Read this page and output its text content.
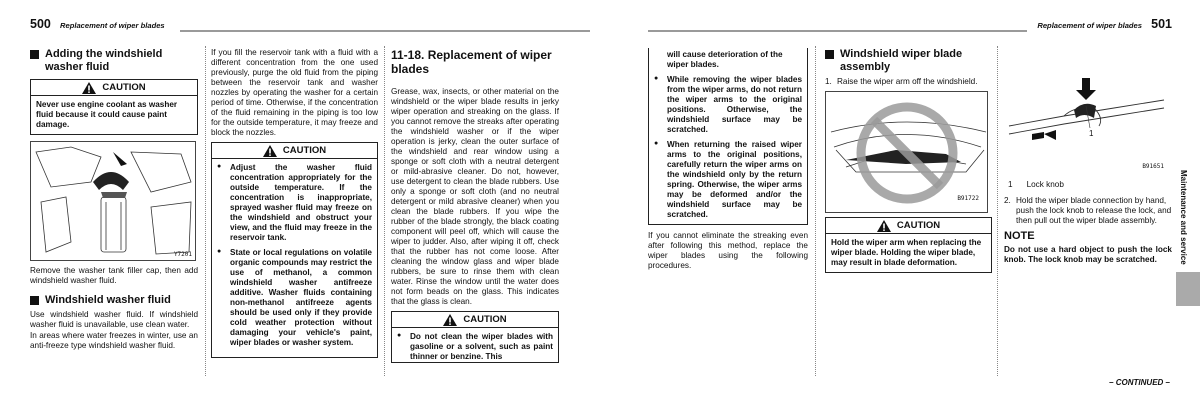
500 Replacement of wiper blades
Adding the windshield washer fluid
CAUTION
Never use engine coolant as washer fluid because it could cause paint damage.
Y7201

Remove the washer tank filler cap, then add windshield washer fluid.

Windshield washer fluid

Use windshield washer fluid. If windshield washer fluid is unavailable, use clean water.

In areas where water freezes in winter, use an anti-freeze type windshield washer fluid.

If you fill the reservoir tank with a fluid with a different concentration from the one used previously, purge the old fluid from the piping between the reservoir tank and washer nozzles by operating the washer for a certain period of time. Otherwise, if the concentration of the fluid remaining in the piping is too low for the outside temperature, it may freeze and block the nozzles.

CAUTION
● Adjust the washer fluid concentration appropriately for the outside temperature. If the concentration is inappropriate, sprayed washer fluid may freeze on the windshield and obstruct your view, and the fluid may freeze in the reservoir tank.
● State or local regulations on volatile organic compounds may restrict the use of methanol, a common windshield washer antifreeze additive. Washer fluids containing non-methanol antifreeze agents should be used only if they provide cold weather protection without damaging your vehicle's paint, wiper blades or washer system.
11-18. Replacement of wiper blades

Grease, wax, insects, or other material on the windshield or the wiper blade results in jerky wiper operation and streaking on the glass. If you cannot remove the streaks after operating the windshield washer or if the wiper operation is jerky, clean the outer surface of the windshield and rear window using a sponge or soft cloth with a neutral detergent or mild-abrasive cleaner. Do not, however, use detergent to clean the blade rubbers. Use only a sponge or soft cloth (and no neutral detergent or mild abrasive cleaner) when you clean the blade rubbers. If you wipe the rubber of the blade strongly, the black coating component will peel off, which will cause the wiper to judder. Also, after wiping it off, check that the rubber has not come loose. After cleaning the window glass and wiper blade rubbers, be sure to rinse them with clean water. Rinse the window until the water does not form beads on the glass. This indicates that the glass is clean.

CAUTION
● Do not clean the wiper blades with gasoline or a solvent, such as paint thinner or benzine. This
Replacement of wiper blades 501
will cause deterioration of the wiper blades.
● While removing the wiper blades from the wiper arms, do not return the wiper arms to the original positions. Otherwise, the windshield surface may be scratched.
● When returning the raised wiper arms to the original positions, carefully return the wiper arms on the windshield only by the return spring. Otherwise, the wiper arms may be deformed and/or the windshield surface may be scratched.

If you cannot eliminate the streaking even after following this method, replace the wiper blades using the following procedures.

Windshield wiper blade assembly
1. Raise the wiper arm off the windshield.
B91722
CAUTION
Hold the wiper arm when replacing the wiper blade. Holding the wiper blade, may result in blade deformation.
1
B91651
1 Lock knob
2. Hold the wiper blade connection by hand, push the lock knob to release the lock, and then pull out the wiper blade assembly.
NOTE

Do not use a hard object to push the lock knob. The lock knob may be scratched.	Maintenance and service
– CONTINUED –
